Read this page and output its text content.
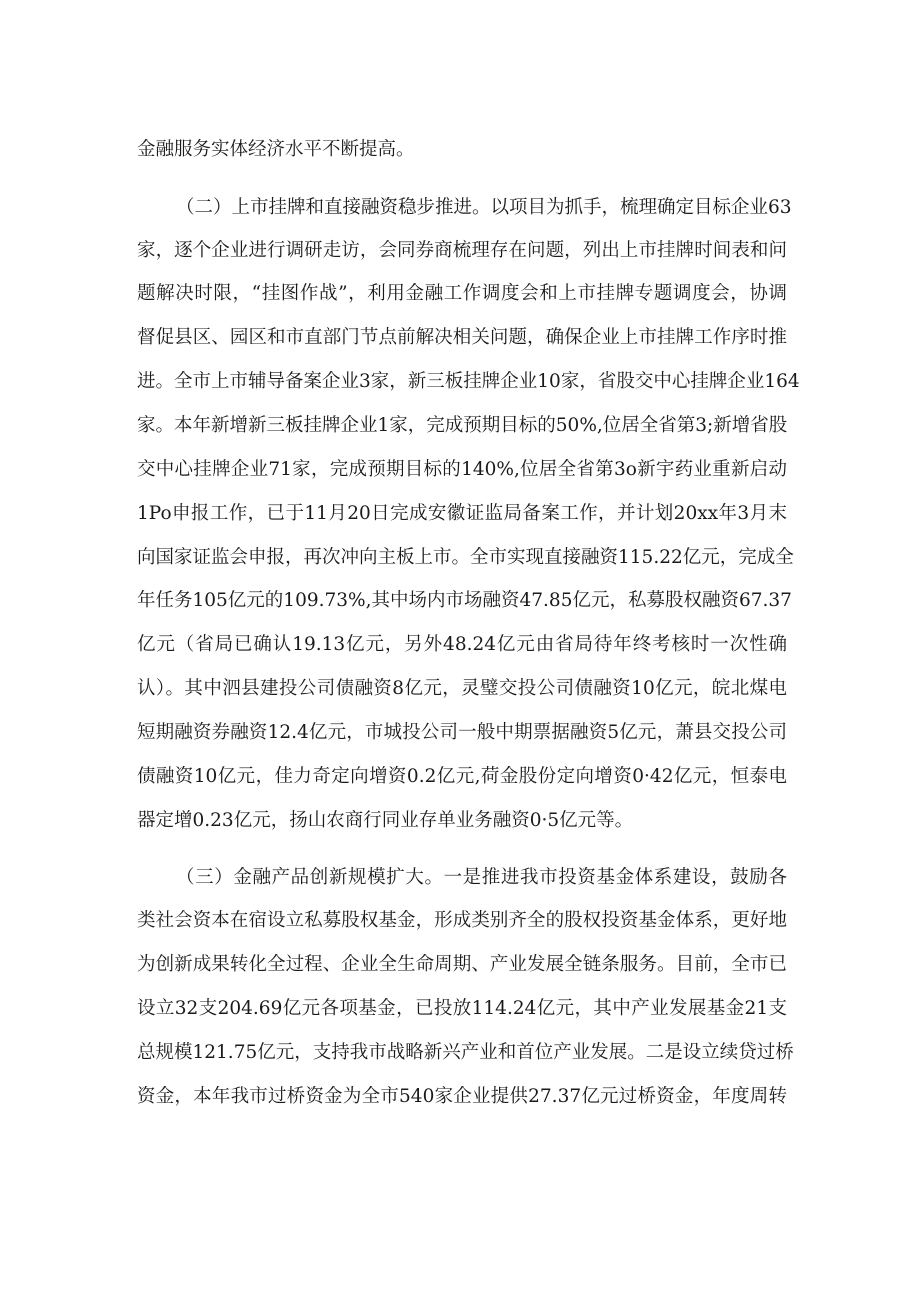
金融服务实体经济水平不断提高。

（二）上市挂牌和直接融资稳步推进。以项目为抓手，梳理确定目标企业63

家，逐个企业进行调研走访，会同券商梳理存在问题，列出上市挂牌时间表和问

题解决时限，“挂图作战”，利用金融工作调度会和上市挂牌专题调度会，协调

督促县区、园区和市直部门节点前解决相关问题，确保企业上市挂牌工作序时推

进。全市上市辅导备案企业3家，新三板挂牌企业10家，省股交中心挂牌企业164

家。本年新增新三板挂牌企业1家，完成预期目标的50%,位居全省第3;新增省股

交中心挂牌企业71家，完成预期目标的140%,位居全省第3o新宇药业重新启动

1Po申报工作，已于11月20日完成安徽证监局备案工作，并计划20xx年3月末

向国家证监会申报，再次冲向主板上市。全市实现直接融资115.22亿元，完成全

年任务105亿元的109.73%,其中场内市场融资47.85亿元，私募股权融资67.37

亿元（省局已确认19.13亿元，另外48.24亿元由省局待年终考核时一次性确

认）。其中泗县建投公司债融资8亿元，灵璧交投公司债融资10亿元，皖北煤电

短期融资券融资12.4亿元，市城投公司一般中期票据融资5亿元，萧县交投公司

债融资10亿元，佳力奇定向增资0.2亿元,荷金股份定向增资0·42亿元，恒泰电

器定增0.23亿元，扬山农商行同业存单业务融资0·5亿元等。

（三）金融产品创新规模扩大。一是推进我市投资基金体系建设，鼓励各

类社会资本在宿设立私募股权基金，形成类别齐全的股权投资基金体系，更好地

为创新成果转化全过程、企业全生命周期、产业发展全链条服务。目前，全市已

设立32支204.69亿元各项基金，已投放114.24亿元，其中产业发展基金21支

总规模121.75亿元，支持我市战略新兴产业和首位产业发展。二是设立续贷过桥

资金，本年我市过桥资金为全市540家企业提供27.37亿元过桥资金，年度周转
